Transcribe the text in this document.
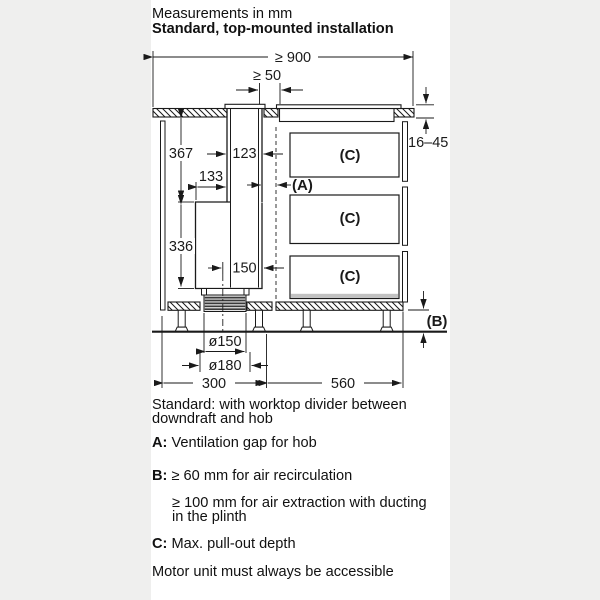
Measurements in mm
Standard, top-mounted installation
≥ 900
≥ 50
(C)
(C)
(C)
(A)
367
336
133
123
150
ø150
ø180
300	560
(B)
16–45
Standard: with worktop divider between
downdraft and hob
A: Ventilation gap for hob
B: ≥ 60 mm for air recirculation
≥ 100 mm for air extraction with ducting
in the plinth
C: Max. pull-out depth
Motor unit must always be accessible
